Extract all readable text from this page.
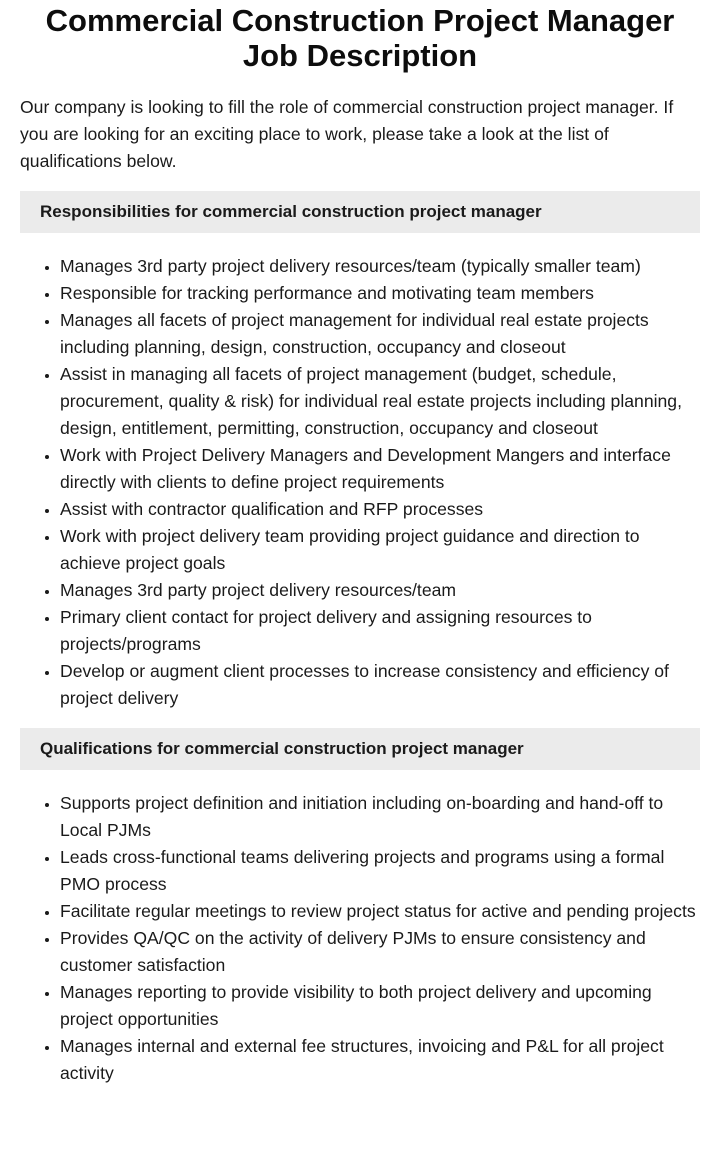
Commercial Construction Project Manager Job Description

Our company is looking to fill the role of commercial construction project manager. If you are looking for an exciting place to work, please take a look at the list of qualifications below.

Responsibilities for commercial construction project manager
• Manages 3rd party project delivery resources/team (typically smaller team)
• Responsible for tracking performance and motivating team members
• Manages all facets of project management for individual real estate projects including planning, design, construction, occupancy and closeout
• Assist in managing all facets of project management (budget, schedule, procurement, quality & risk) for individual real estate projects including planning, design, entitlement, permitting, construction, occupancy and closeout
• Work with Project Delivery Managers and Development Mangers and interface directly with clients to define project requirements
• Assist with contractor qualification and RFP processes
• Work with project delivery team providing project guidance and direction to achieve project goals
• Manages 3rd party project delivery resources/team
• Primary client contact for project delivery and assigning resources to projects/programs
• Develop or augment client processes to increase consistency and efficiency of project delivery
Qualifications for commercial construction project manager
• Supports project definition and initiation including on-boarding and hand-off to Local PJMs
• Leads cross-functional teams delivering projects and programs using a formal PMO process
• Facilitate regular meetings to review project status for active and pending projects
• Provides QA/QC on the activity of delivery PJMs to ensure consistency and customer satisfaction
• Manages reporting to provide visibility to both project delivery and upcoming project opportunities
• Manages internal and external fee structures, invoicing and P&L for all project activity
